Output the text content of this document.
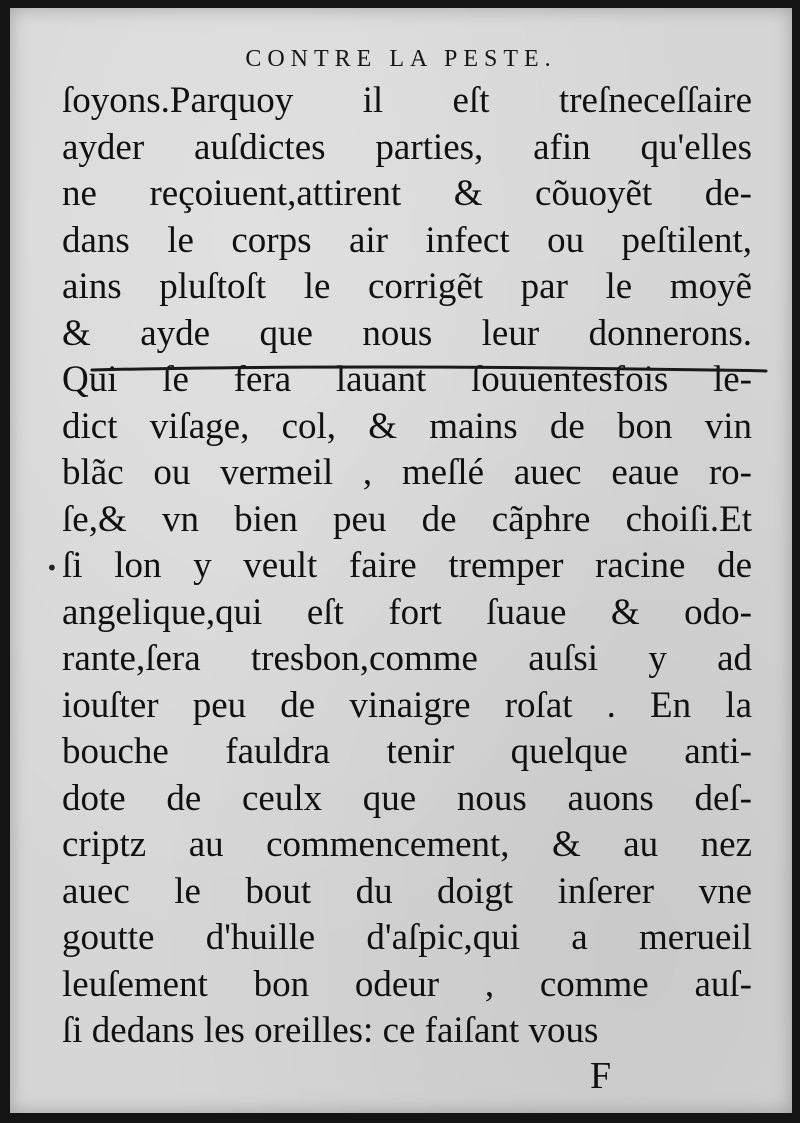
CONTRE LA PESTE.
ſoyons.Parquoy il eſt treſneceſſaire
ayder auſdictes parties, afin qu'elles
ne reçoiuent,attirent & cõuoyẽt de-
dans le corps air infect ou peſtilent,
ains pluſtoſt le corrigẽt par le moyẽ
& ayde que nous leur donnerons.
Qui ſe fera lauant ſouuentesfois le-
dict viſage, col, & mains de bon vin
blãc ou vermeil , meſlé auec eaue ro-
ſe,& vn bien peu de cãphre choiſi.Et
ſi lon y veult faire tremper racine de
angelique,qui eſt fort ſuaue & odo-
rante,ſera tresbon,comme auſsi y ad
iouſter peu de vinaigre roſat . En la
bouche fauldra tenir quelque anti-
dote de ceulx que nous auons deſ-
criptz au commencement, & au nez
auec le bout du doigt inſerer vne
goutte d'huille d'aſpic,qui a merueil
leuſement bon odeur , comme auſ-
ſi dedans les oreilles: ce faiſant vous
•
F
